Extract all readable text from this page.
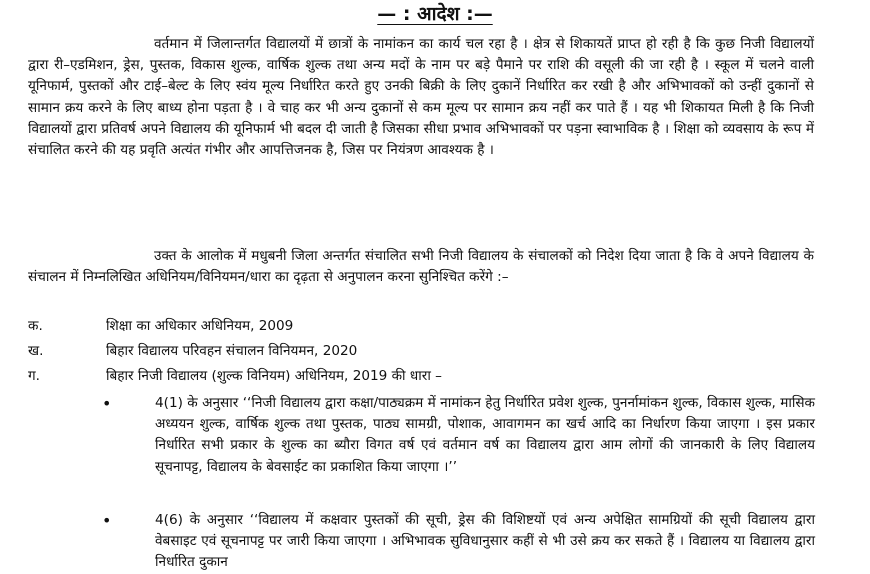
— : आदेश :—

वर्तमान में जिलान्तर्गत विद्यालयों में छात्रों के नामांकन का कार्य चल रहा है । क्षेत्र से शिकायतें प्राप्त हो रही है कि कुछ निजी विद्यालयों द्वारा री–एडमिशन, ड्रेस, पुस्तक, विकास शुल्क, वार्षिक शुल्क तथा अन्य मदों के नाम पर बड़े पैमाने पर राशि की वसूली की जा रही है । स्कूल में चलने वाली यूनिफार्म, पुस्तकों और टाई–बेल्ट के लिए स्वंय मूल्य निर्धारित करते हुए उनकी बिक्री के लिए दुकानें निर्धारित कर रखी है और अभिभावकों को उन्हीं दुकानों से सामान क्रय करने के लिए बाध्य होना पड़ता है । वे चाह कर भी अन्य दुकानों से कम मूल्य पर सामान क्रय नहीं कर पाते हैं । यह भी शिकायत मिली है कि निजी विद्यालयों द्वारा प्रतिवर्ष अपने विद्यालय की यूनिफार्म भी बदल दी जाती है जिसका सीधा प्रभाव अभिभावकों पर पड़ना स्वाभाविक है । शिक्षा को व्यवसाय के रूप में संचालित करने की यह प्रवृति अत्यंत गंभीर और आपत्तिजनक है, जिस पर नियंत्रण आवश्यक है ।

उक्त के आलोक में मधुबनी जिला अन्तर्गत संचालित सभी निजी विद्यालय के संचालकों को निदेश दिया जाता है कि वे अपने विद्यालय के संचालन में निम्नलिखित अधिनियम/विनियमन/धारा का दृढ़ता से अनुपालन करना सुनिश्चित करेंगे :–

क.	शिक्षा का अधिकार अधिनियम, 2009
ख.	बिहार विद्यालय परिवहन संचालन विनियमन, 2020
ग.	बिहार निजी विद्यालय (शुल्क विनियम) अधिनियम, 2019 की धारा –
•	4(1) के अनुसार ‘‘निजी विद्यालय द्वारा कक्षा/पाठ्यक्रम में नामांकन हेतु निर्धारित प्रवेश शुल्क, पुनर्नामांकन शुल्क, विकास शुल्क, मासिक अध्ययन शुल्क, वार्षिक शुल्क तथा पुस्तक, पाठ्य सामग्री, पोशाक, आवागमन का खर्च आदि का निर्धारण किया जाएगा । इस प्रकार निर्धारित सभी प्रकार के शुल्क का ब्यौरा विगत वर्ष एवं वर्तमान वर्ष का विद्यालय द्वारा आम लोगों की जानकारी के लिए विद्यालय सूचनापट्ट, विद्यालय के बेवसाईट का प्रकाशित किया जाएगा ।’’

•	4(6) के अनुसार ‘‘विद्यालय में कक्षवार पुस्तकों की सूची, ड्रेस की विशिष्टयों एवं अन्य अपेक्षित सामग्रियों की सूची विद्यालय द्वारा वेबसाइट एवं सूचनापट्ट पर जारी किया जाएगा । अभिभावक सुविधानुसार कहीं से भी उसे क्रय कर सकते हैं । विद्यालय या विद्यालय द्वारा निर्धारित दुकान
